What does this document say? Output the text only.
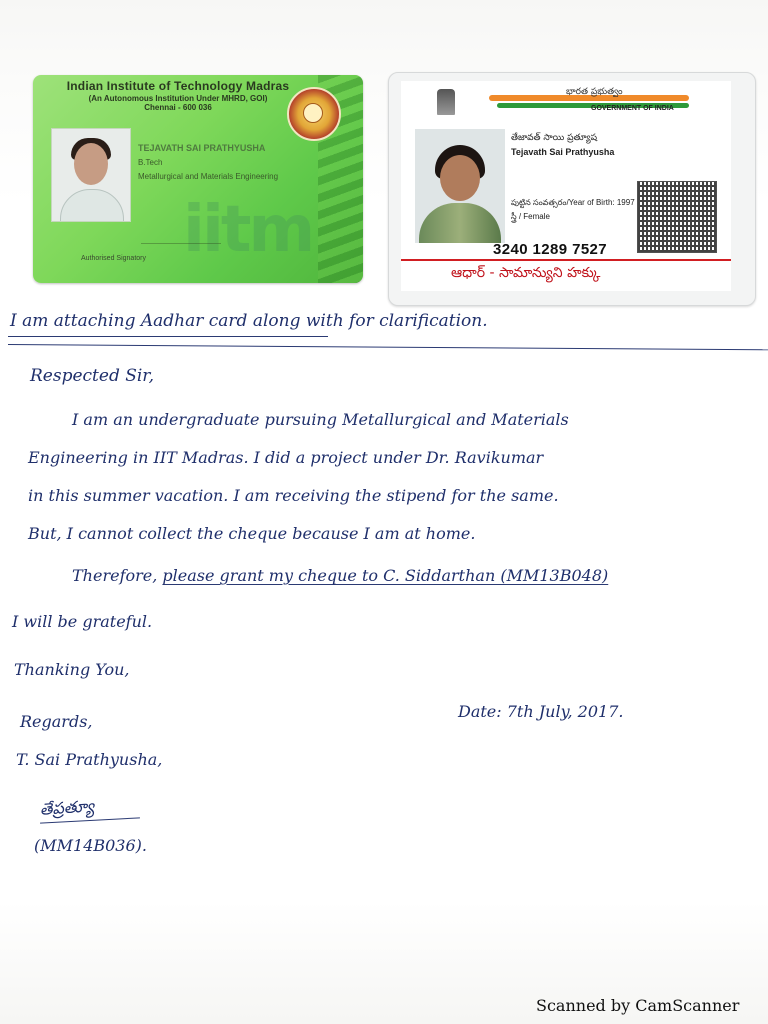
Indian Institute of Technology Madras
(An Autonomous Institution Under MHRD, GOI)
Chennai - 600 036
TEJAVATH SAI PRATHYUSHA
B.Tech
Metallurgical and Materials Engineering
iitm
Authorised Signatory
భారత ప్రభుత్వం
GOVERNMENT OF INDIA
తేజావత్ సాయి ప్రత్యూష
Tejavath Sai Prathyusha
పుట్టిన సంవత్సరం/Year of Birth: 1997
స్త్రీ / Female
3240 1289 7527
ఆధార్ - సామాన్యుని హక్కు
I am attaching Aadhar card along with for clarification.
Respected Sir,
I am an undergraduate pursuing Metallurgical and Materials
Engineering in IIT Madras. I did a project under Dr. Ravikumar
in this summer vacation. I am receiving the stipend for the same.
But, I cannot collect the cheque because I am at home.
Therefore, please grant my cheque to C. Siddarthan (MM13B048)
I will be grateful.
Thanking You,
Regards,
Date: 7th July, 2017.
T. Sai Prathyusha,
తేప్రత్యూ
(MM14B036).
Scanned by CamScanner
